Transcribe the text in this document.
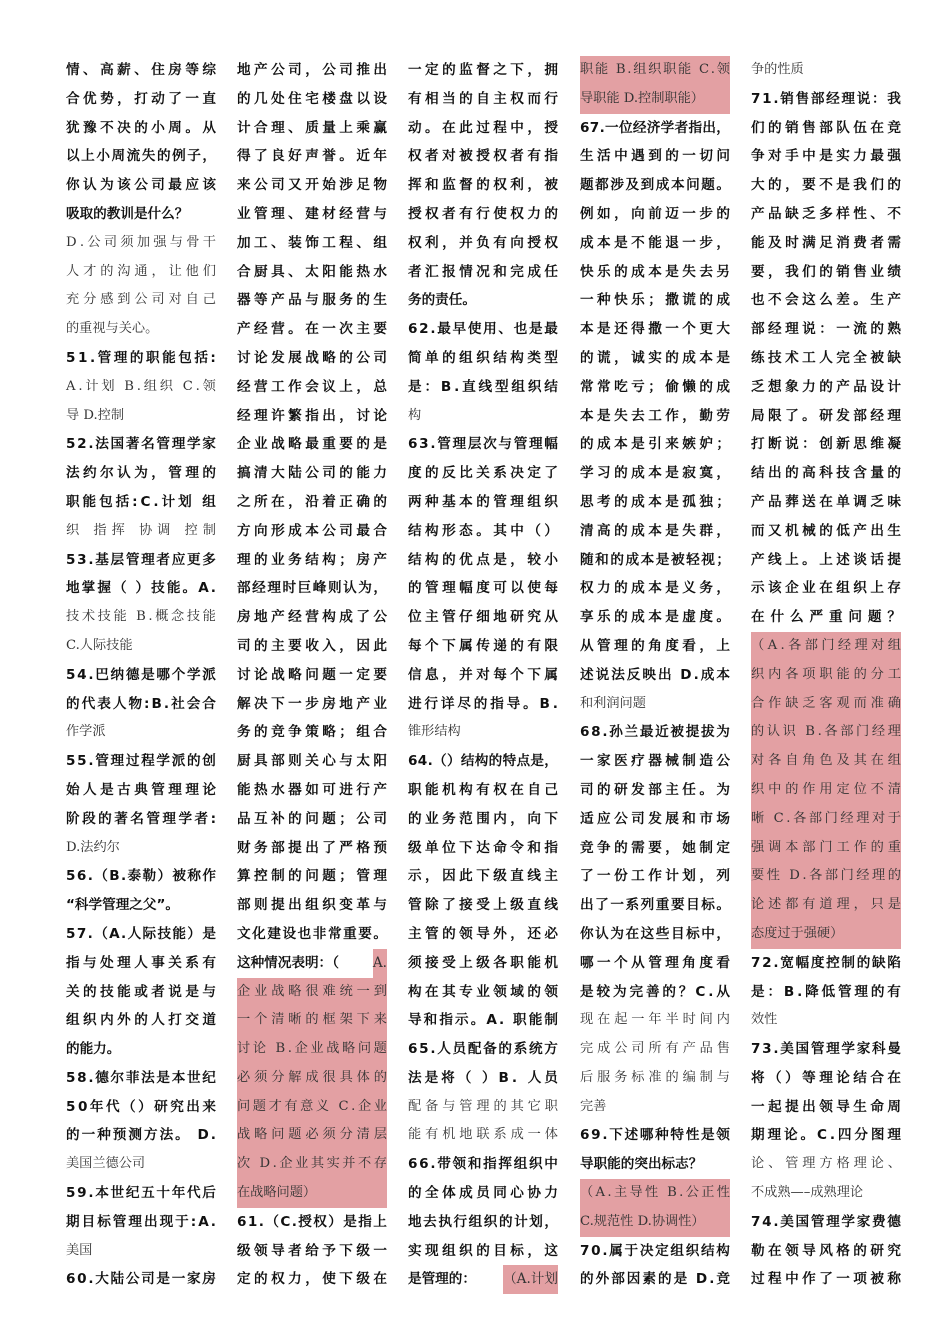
情 、 高 薪 、 住 房 等 综
合 优 势 ， 打 动 了 一 直
犹 豫 不 决 的 小 周 。 从
以 上 小 周 流 失 的 例 子 ，
你 认 为 该 公 司 最 应 该
吸取的教训是什么？
D . 公 司 须 加 强 与 骨 干
人 才 的 沟 通 ， 让 他 们
充 分 感 到 公 司 对 自 己
的重视与关心。
5 1 . 管 理 的 职 能 包 括 :
A . 计 划
B . 组 织
C . 领
导 D.控制
5 2 . 法 国 著 名 管 理 学 家
法 约 尔 认 为 ， 管 理 的
职 能 包 括 : C . 计 划
组
织
指 挥
协 调
控 制
5 3 . 基 层 管 理 者 应 更 多
地 掌 握 （
） 技 能 。 A .
技 术 技 能
B . 概 念 技 能
C.人际技能
5 4 . 巴 纳 德 是 哪 个 学 派
的 代 表 人 物 : B . 社 会 合
作学派
5 5 . 管 理 过 程 学 派 的 创
始 人 是 古 典 管 理 理 论
阶 段 的 著 名 管 理 学 者 :
D.法约尔
5 6 . （ B . 泰 勒 ） 被 称 作
“科学管理之父”。
5 7 . （ A . 人 际 技 能 ） 是
指 与 处 理 人 事 关 系 有
关 的 技 能 或 者 说 是 与
组 织 内 外 的 人 打 交 道
的能力。
5 8 . 德 尔 菲 法 是 本 世 纪
5 0 年 代 （ ） 研 究 出 来
的 一 种 预 测 方 法 。
D .
美国兰德公司
5 9 . 本 世 纪 五 十 年 代 后
期 目 标 管 理 出 现 于 : A .
美国
6 0 . 大 陆 公 司 是 一 家 房
地 产 公 司 ， 公 司 推 出
的 几 处 住 宅 楼 盘 以 设
计 合 理 、 质 量 上 乘 赢
得 了 良 好 声 誉 。 近 年
来 公 司 又 开 始 涉 足 物
业 管 理 、 建 材 经 营 与
加 工 、 装 饰 工 程 、 组
合 厨 具 、 太 阳 能 热 水
器 等 产 品 与 服 务 的 生
产 经 营 。 在 一 次 主 要
讨 论 发 展 战 略 的 公 司
经 营 工 作 会 议 上 ， 总
经 理 许 繁 指 出 ， 讨 论
企 业 战 略 最 重 要 的 是
搞 清 大 陆 公 司 的 能 力
之 所 在 ， 沿 着 正 确 的
方 向 形 成 本 公 司 最 合
理 的 业 务 结 构 ； 房 产
部 经 理 时 巨 峰 则 认 为 ，
房 地 产 经 营 构 成 了 公
司 的 主 要 收 入 ， 因 此
讨 论 战 略 问 题 一 定 要
解 决 下 一 步 房 地 产 业
务 的 竞 争 策 略 ； 组 合
厨 具 部 则 关 心 与 太 阳
能 热 水 器 如 可 进 行 产
品 互 补 的 问 题 ； 公 司
财 务 部 提 出 了 严 格 预
算 控 制 的 问 题 ； 管 理
部 则 提 出 组 织 变 革 与
文 化 建 设 也 非 常 重 要 。
这种情况表明：（ A.
企 业 战 略 很 难 统 一 到
一 个 清 晰 的 框 架 下 来
讨 论
B . 企 业 战 略 问 题
必 须 分 解 成 很 具 体 的
问 题 才 有 意 义
C . 企 业
战 略 问 题 必 须 分 清 层
次
D . 企 业 其 实 并 不 存
在战略问题）
6 1 . （ C . 授 权 ） 是 指 上
级 领 导 者 给 予 下 级 一
定 的 权 力 ， 使 下 级 在
一 定 的 监 督 之 下 ， 拥
有 相 当 的 自 主 权 而 行
动 。 在 此 过 程 中 ， 授
权 者 对 被 授 权 者 有 指
挥 和 监 督 的 权 利 ， 被
授 权 者 有 行 使 权 力 的
权 利 ， 并 负 有 向 授 权
者 汇 报 情 况 和 完 成 任
务的责任。
6 2 . 最 早 使 用 、 也 是 最
简 单 的 组 织 结 构 类 型
是 ： B . 直 线 型 组 织 结
构
6 3 . 管 理 层 次 与 管 理 幅
度 的 反 比 关 系 决 定 了
两 种 基 本 的 管 理 组 织
结 构 形 态 。 其 中 （ ）
结 构 的 优 点 是 ， 较 小
的 管 理 幅 度 可 以 使 每
位 主 管 仔 细 地 研 究 从
每 个 下 属 传 递 的 有 限
信 息 ， 并 对 每 个 下 属
进 行 详 尽 的 指 导 。 B .
锥形结构
6 4 . （ ） 结 构 的 特 点 是 ，
职 能 机 构 有 权 在 自 己
的 业 务 范 围 内 ， 向 下
级 单 位 下 达 命 令 和 指
示 ， 因 此 下 级 直 线 主
管 除 了 接 受 上 级 直 线
主 管 的 领 导 外 ， 还 必
须 接 受 上 级 各 职 能 机
构 在 其 专 业 领 域 的 领
导 和 指 示 。 A .
职 能 制
6 5 . 人 员 配 备 的 系 统 方
法 是 将 （
） B .
人 员
配 备 与 管 理 的 其 它 职
能 有 机 地 联 系 成 一 体
6 6 . 带 领 和 指 挥 组 织 中
的 全 体 成 员 同 心 协 力
地 去 执 行 组 织 的 计 划 ，
实 现 组 织 的 目 标 ， 这
是管理的： （A.计划
职 能
B . 组 织 职 能
C . 领
导职能 D.控制职能）
6 7 . 一 位 经 济 学 者 指 出 ，
生 活 中 遇 到 的 一 切 问
题 都 涉 及 到 成 本 问 题 。
例 如 ， 向 前 迈 一 步 的
成 本 是 不 能 退 一 步 ，
快 乐 的 成 本 是 失 去 另
一 种 快 乐 ； 撒 谎 的 成
本 是 还 得 撒 一 个 更 大
的 谎 ， 诚 实 的 成 本 是
常 常 吃 亏 ； 偷 懒 的 成
本 是 失 去 工 作 ， 勤 劳
的 成 本 是 引 来 嫉 妒 ；
学 习 的 成 本 是 寂 寞 ，
思 考 的 成 本 是 孤 独 ；
清 高 的 成 本 是 失 群 ，
随 和 的 成 本 是 被 轻 视 ；
权 力 的 成 本 是 义 务 ，
享 乐 的 成 本 是 虚 度 。
从 管 理 的 角 度 看 ， 上
述 说 法 反 映 出
D . 成 本
和利润问题
6 8 . 孙 兰 最 近 被 提 拔 为
一 家 医 疗 器 械 制 造 公
司 的 研 发 部 主 任 。 为
适 应 公 司 发 展 和 市 场
竞 争 的 需 要 ， 她 制 定
了 一 份 工 作 计 划 ， 列
出 了 一 系 列 重 要 目 标 。
你 认 为 在 这 些 目 标 中 ，
哪 一 个 从 管 理 角 度 看
是 较 为 完 善 的 ？ C . 从
现 在 起 一 年 半 时 间 内
完 成 公 司 所 有 产 品 售
后 服 务 标 准 的 编 制 与
完善
6 9 . 下 述 哪 种 特 性 是 领
导职能的突出标志？
（ A . 主 导 性
B . 公 正 性
C.规范性 D.协调性）
7 0 . 属 于 决 定 组 织 结 构
的 外 部 因 素 的 是
D . 竞
争的性质
7 1 . 销 售 部 经 理 说 ： 我
们 的 销 售 部 队 伍 在 竞
争 对 手 中 是 实 力 最 强
大 的 ， 要 不 是 我 们 的
产 品 缺 乏 多 样 性 、 不
能 及 时 满 足 消 费 者 需
要 ， 我 们 的 销 售 业 绩
也 不 会 这 么 差 。 生 产
部 经 理 说 ： 一 流 的 熟
练 技 术 工 人 完 全 被 缺
乏 想 象 力 的 产 品 设 计
局 限 了 。 研 发 部 经 理
打 断 说 ： 创 新 思 维 凝
结 出 的 高 科 技 含 量 的
产 品 葬 送 在 单 调 乏 味
而 又 机 械 的 低 产 出 生
产 线 上 。 上 述 谈 话 提
示 该 企 业 在 组 织 上 存
在
什
么
严
重
问
题
？
（ A . 各 部 门 经 理 对 组
织 内 各 项 职 能 的 分 工
合 作 缺 乏 客 观 而 准 确
的 认 识
B . 各 部 门 经 理
对 各 自 角 色 及 其 在 组
织 中 的 作 用 定 位 不 清
晰
C . 各 部 门 经 理 对 于
强 调 本 部 门 工 作 的 重
要 性
D . 各 部 门 经 理 的
论 述 都 有 道 理 ， 只 是
态度过于强硬）
7 2 . 宽 幅 度 控 制 的 缺 陷
是 ： B . 降 低 管 理 的 有
效性
7 3 . 美 国 管 理 学 家 科 曼
将 （ ） 等 理 论 结 合 在
一 起 提 出 领 导 生 命 周
期 理 论 。 C . 四 分 图 理
论 、 管 理 方 格 理 论 、
不成熟—–成熟理论
7 4 . 美 国 管 理 学 家 费 德
勒 在 领 导 风 格 的 研 究
过 程 中 作 了 一 项 被 称
